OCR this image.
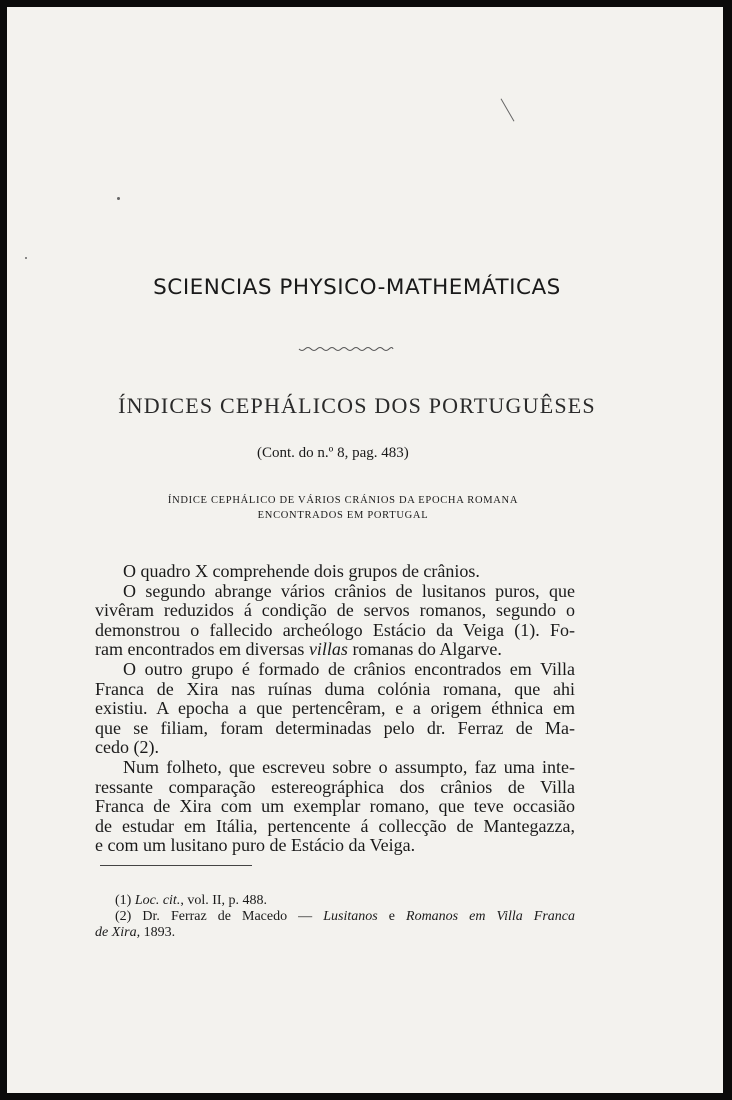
SCIENCIAS PHYSICO-MATHEMÁTICAS
ÍNDICES CEPHÁLICOS DOS PORTUGUÊSES
(Cont. do n.º 8, pag. 483)
ÍNDICE CEPHÁLICO DE VÁRIOS CRÁNIOS DA EPOCHA ROMANA
ENCONTRADOS EM PORTUGAL
O quadro X comprehende dois grupos de crânios.
O segundo abrange vários crânios de lusitanos puros, que
vivêram reduzidos á condição de servos romanos, segundo o
demonstrou o fallecido archeólogo Estácio da Veiga (1). Fo-
ram encontrados em diversas villas romanas do Algarve.
O outro grupo é formado de crânios encontrados em Villa
Franca de Xira nas ruínas duma colónia romana, que ahi
existiu. A epocha a que pertencêram, e a origem éthnica em
que se filiam, foram determinadas pelo dr. Ferraz de Ma-
cedo (2).
Num folheto, que escreveu sobre o assumpto, faz uma inte-
ressante comparação estereográphica dos crânios de Villa
Franca de Xira com um exemplar romano, que teve occasião
de estudar em Itália, pertencente á collecção de Mantegazza,
e com um lusitano puro de Estácio da Veiga.
(1) Loc. cit., vol. II, p. 488.
(2) Dr. Ferraz de Macedo — Lusitanos e Romanos em Villa Franca
de Xira, 1893.
